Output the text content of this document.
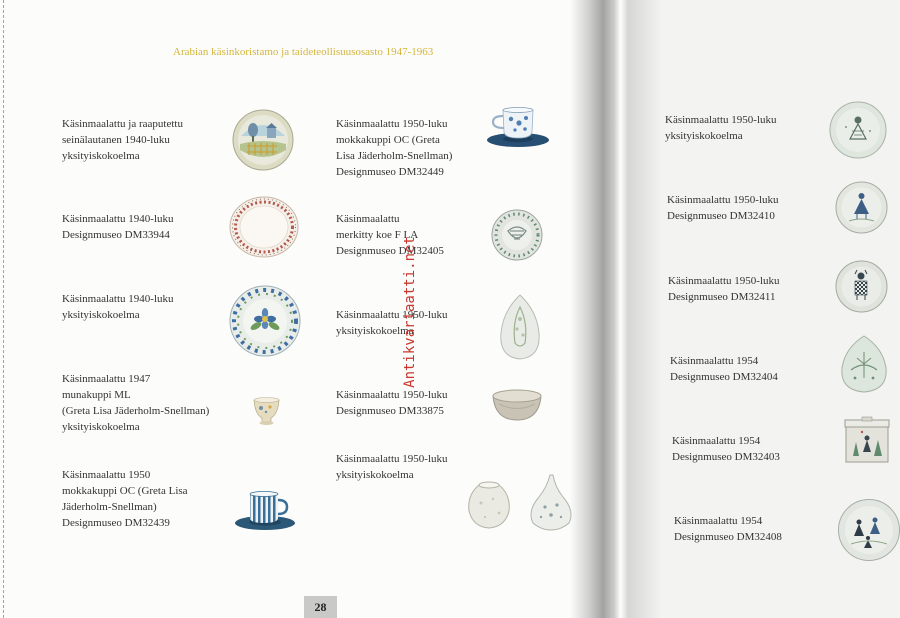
Arabian käsinkoristamo ja taideteollisuusosasto 1947-1963
Käsinmaalattu ja raaputettu
seinälautanen 1940-luku
yksityiskokoelma
Käsinmaalattu 1940-luku
Designmuseo DM33944
Käsinmaalattu 1940-luku
yksityiskokoelma
Käsinmaalattu 1947
munakuppi ML
(Greta Lisa Jäderholm-Snellman)
yksityiskokoelma
Käsinmaalattu 1950
mokkakuppi OC (Greta Lisa
Jäderholm-Snellman)
Designmuseo DM32439
Käsinmaalattu 1950-luku
mokkakuppi OC (Greta
Lisa Jäderholm-Snellman)
Designmuseo DM32449
Käsinmaalattu
merkitty koe F LA
Designmuseo DM32405
Käsinmaalattu 1950-luku
yksityiskokoelma
Käsinmaalattu 1950-luku
Designmuseo DM33875
Käsinmaalattu 1950-luku
yksityiskokoelma
Käsinmaalattu 1950-luku
yksityiskokoelma
Käsinmaalattu 1950-luku
Designmuseo DM32410
Käsinmaalattu 1950-luku
Designmuseo DM32411
Käsinmaalattu 1954
Designmuseo DM32404
Käsinmaalattu 1954
Designmuseo DM32403
Käsinmaalattu 1954
Designmuseo DM32408
28
Antikvariaatti.net
